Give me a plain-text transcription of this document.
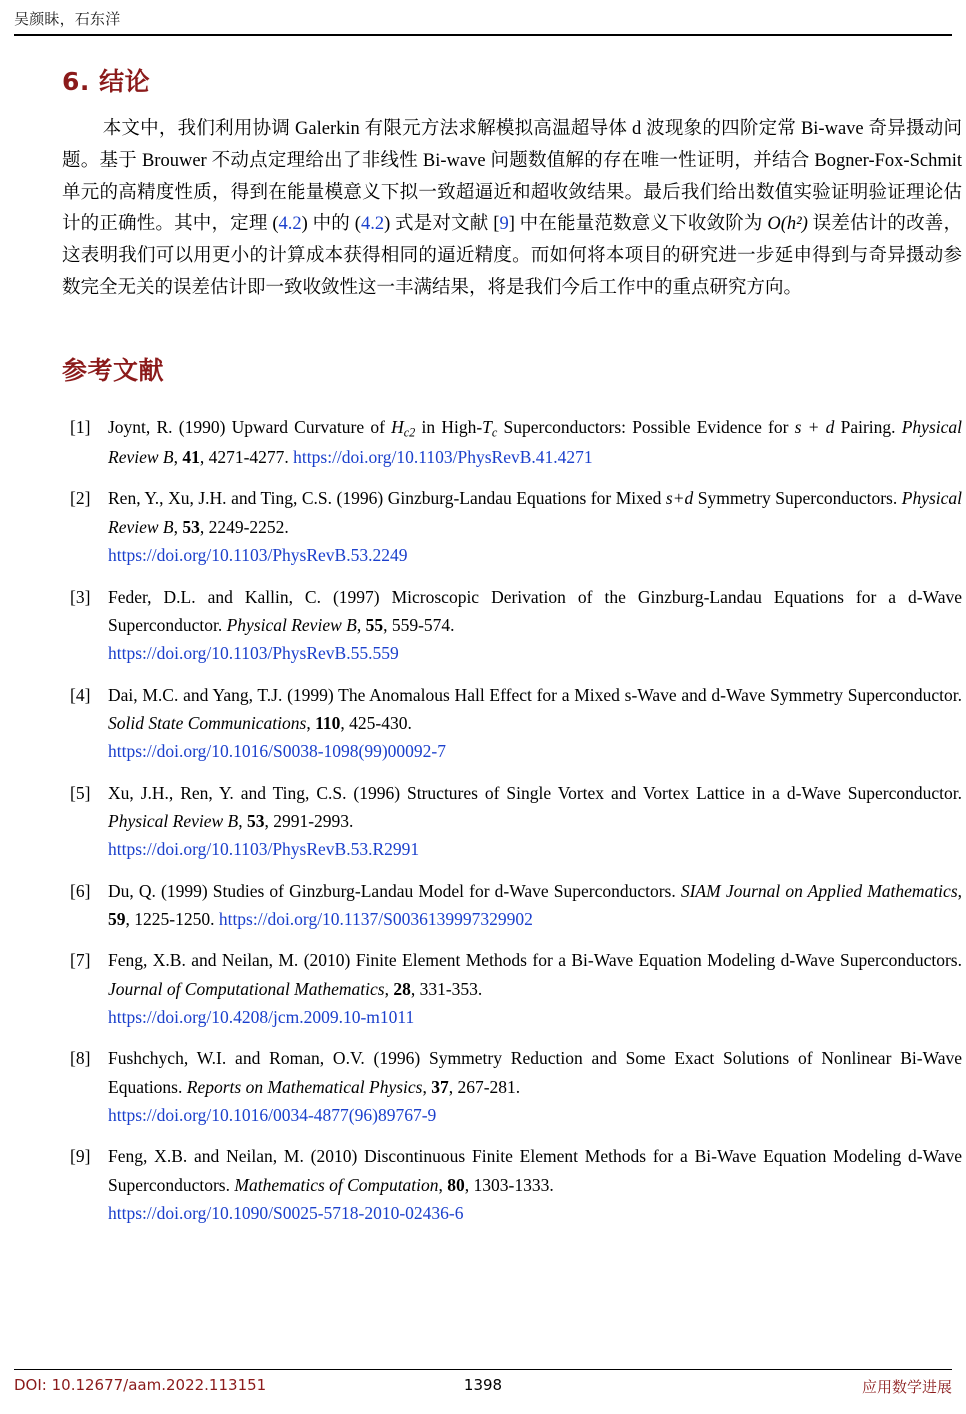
吴颜眛，石东洋
6. 结论

本文中，我们利用协调 Galerkin 有限元方法求解模拟高温超导体 d 波现象的四阶定常 Bi-wave 奇异摄动问题。基于 Brouwer 不动点定理给出了非线性 Bi-wave 问题数值解的存在唯一性证明，并结合 Bogner-Fox-Schmit 单元的高精度性质，得到在能量模意义下拟一致超逼近和超收敛结果。最后我们给出数值实验证明验证理论估计的正确性。其中，定理 (4.2) 中的 (4.2) 式是对文献 [9] 中在能量范数意义下收敛阶为 O(h²) 误差估计的改善，这表明我们可以用更小的计算成本获得相同的逼近精度。而如何将本项目的研究进一步延申得到与奇异摄动参数完全无关的误差估计即一致收敛性这一丰满结果，将是我们今后工作中的重点研究方向。

参考文献
[1]	Joynt, R. (1990) Upward Curvature of $H_{c2}$ in High-$T_c$ Superconductors: Possible Evidence for s + d Pairing. Physical Review B, 41, 4271-4277. https://doi.org/10.1103/PhysRevB.41.4271
[2]	Ren, Y., Xu, J.H. and Ting, C.S. (1996) Ginzburg-Landau Equations for Mixed s+d Symmetry Superconductors. Physical Review B, 53, 2249-2252.
https://doi.org/10.1103/PhysRevB.53.2249
[3]	Feder, D.L. and Kallin, C. (1997) Microscopic Derivation of the Ginzburg-Landau Equations for a d-Wave Superconductor. Physical Review B, 55, 559-574.
https://doi.org/10.1103/PhysRevB.55.559
[4]	Dai, M.C. and Yang, T.J. (1999) The Anomalous Hall Effect for a Mixed s-Wave and d-Wave Symmetry Superconductor. Solid State Communications, 110, 425-430.
https://doi.org/10.1016/S0038-1098(99)00092-7
[5]	Xu, J.H., Ren, Y. and Ting, C.S. (1996) Structures of Single Vortex and Vortex Lattice in a d-Wave Superconductor. Physical Review B, 53, 2991-2993.
https://doi.org/10.1103/PhysRevB.53.R2991
[6]	Du, Q. (1999) Studies of Ginzburg-Landau Model for d-Wave Superconductors. SIAM Journal on Applied Mathematics, 59, 1225-1250. https://doi.org/10.1137/S0036139997329902
[7]	Feng, X.B. and Neilan, M. (2010) Finite Element Methods for a Bi-Wave Equation Modeling d-Wave Superconductors. Journal of Computational Mathematics, 28, 331-353.
https://doi.org/10.4208/jcm.2009.10-m1011
[8]	Fushchych, W.I. and Roman, O.V. (1996) Symmetry Reduction and Some Exact Solutions of Nonlinear Bi-Wave Equations. Reports on Mathematical Physics, 37, 267-281.
https://doi.org/10.1016/0034-4877(96)89767-9
[9]	Feng, X.B. and Neilan, M. (2010) Discontinuous Finite Element Methods for a Bi-Wave Equation Modeling d-Wave Superconductors. Mathematics of Computation, 80, 1303-1333.
https://doi.org/10.1090/S0025-5718-2010-02436-6
DOI: 10.12677/aam.2022.113151	1398	应用数学进展
